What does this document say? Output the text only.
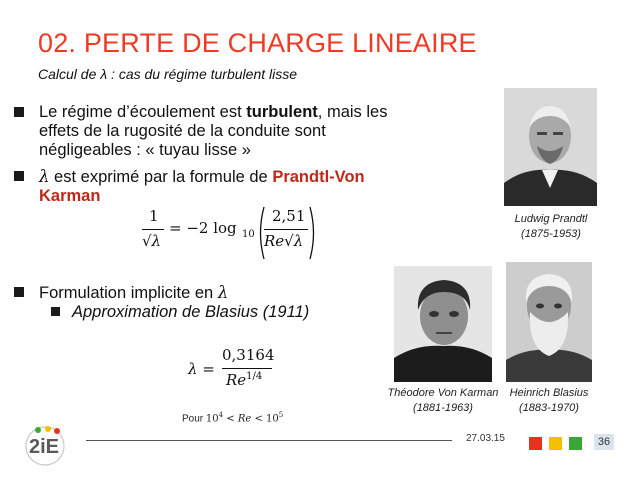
02. PERTE DE CHARGE LINEAIRE
Calcul de λ : cas du régime turbulent lisse
Le régime d’écoulement est turbulent, mais les effets de la rugosité de la conduite sont négligeables : « tuyau lisse »
λ est exprimé par la formule de Prandtl-Von Karman
1
√λ
= −2 log 10
2,51
Re√λ
Formulation implicite en λ
Approximation de Blasius (1911)
λ =
0,3164
$Re^{1/4}$
Pour $10^4 < Re < 10^5$
Ludwig Prandtl
(1875-1953)
Théodore Von Karman
(1881-1963)
Heinrich Blasius
(1883-1970)
2iE	27.03.15	36
